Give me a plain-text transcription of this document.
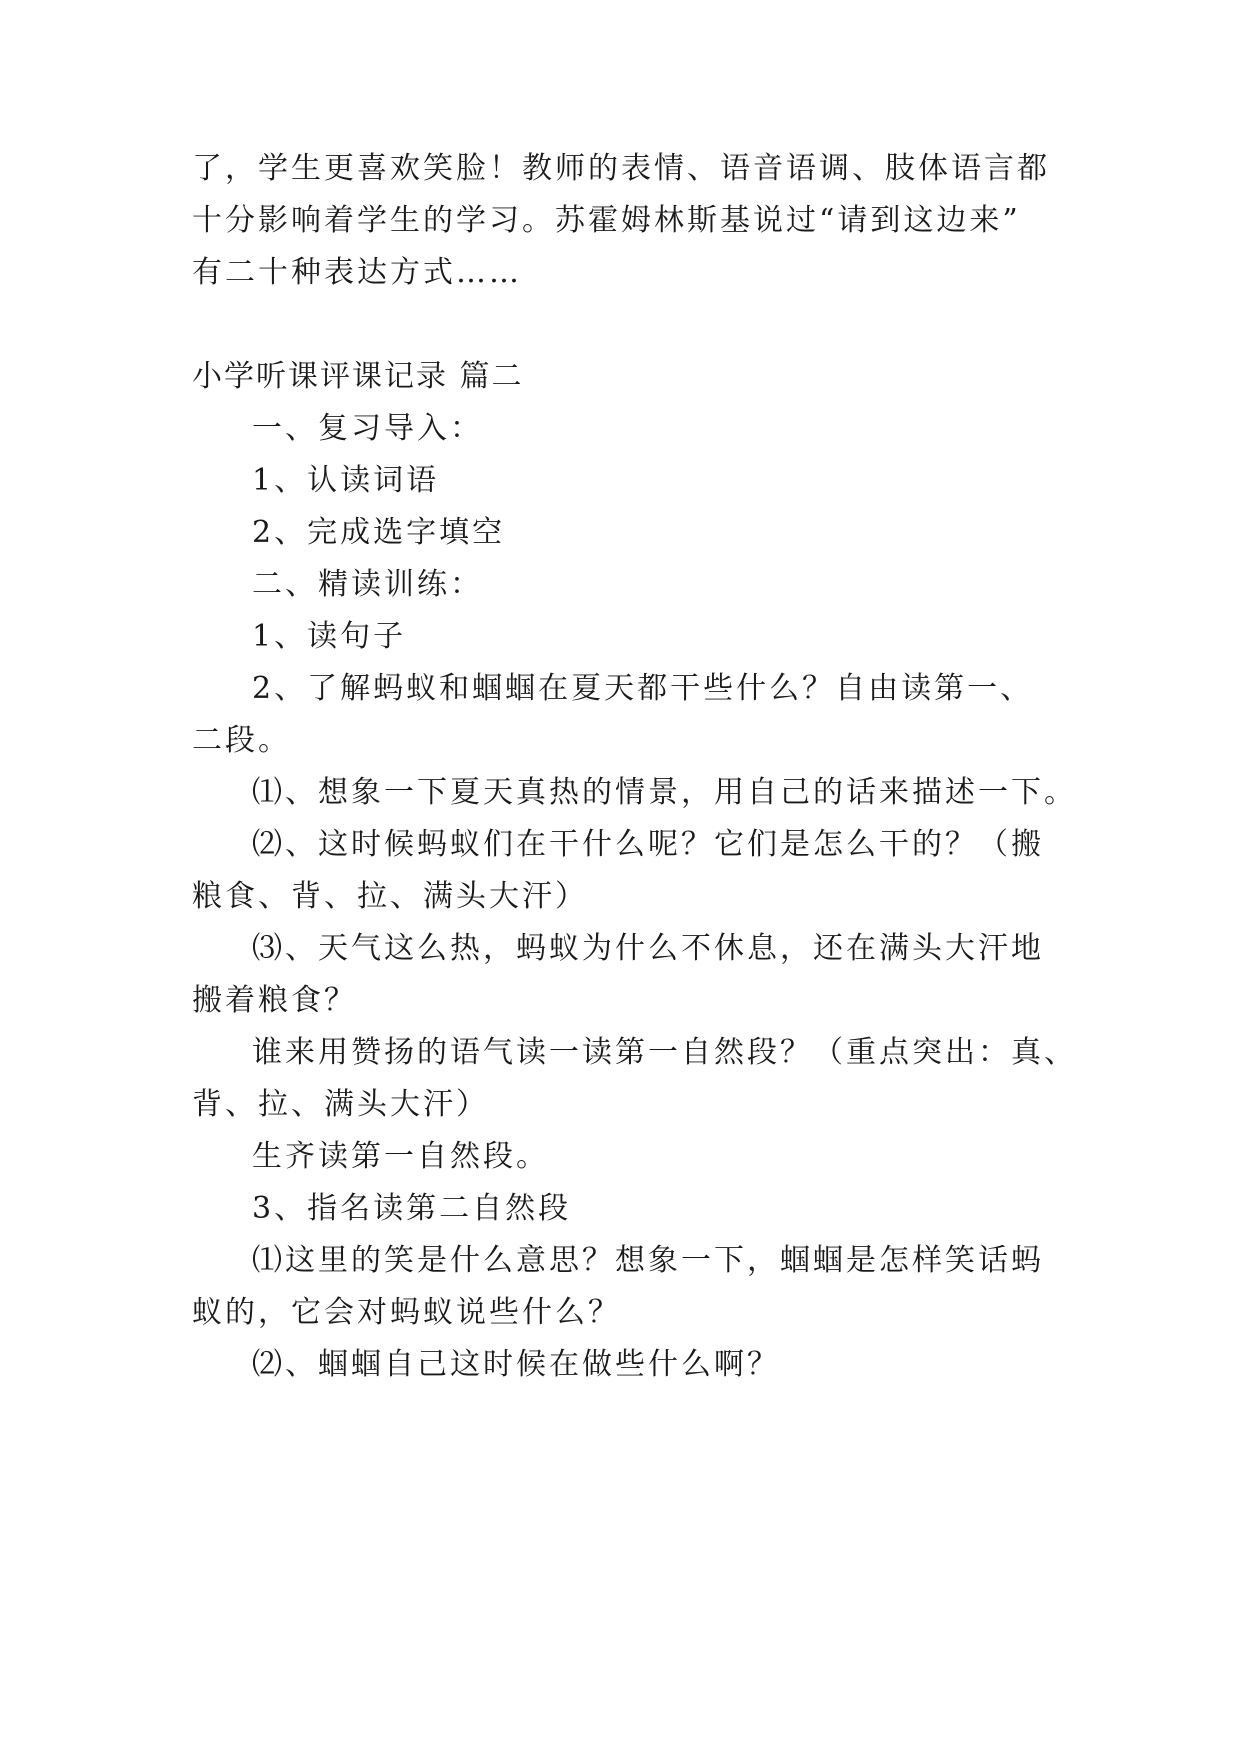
了，学生更喜欢笑脸！教师的表情、语音语调、肢体语言都
十分影响着学生的学习。苏霍姆林斯基说过“请到这边来”
有二十种表达方式……
小学听课评课记录 篇二
一、复习导入：
1、认读词语
2、完成选字填空
二、精读训练：
1、读句子
2、了解蚂蚁和蝈蝈在夏天都干些什么？自由读第一、
二段。
⑴、想象一下夏天真热的情景，用自己的话来描述一下。
⑵、这时候蚂蚁们在干什么呢？它们是怎么干的？（搬
粮食、背、拉、满头大汗）
⑶、天气这么热，蚂蚁为什么不休息，还在满头大汗地
搬着粮食？
谁来用赞扬的语气读一读第一自然段？（重点突出：真、
背、拉、满头大汗）
生齐读第一自然段。
3、指名读第二自然段
⑴这里的笑是什么意思？想象一下，蝈蝈是怎样笑话蚂
蚁的，它会对蚂蚁说些什么？
⑵、蝈蝈自己这时候在做些什么啊？
